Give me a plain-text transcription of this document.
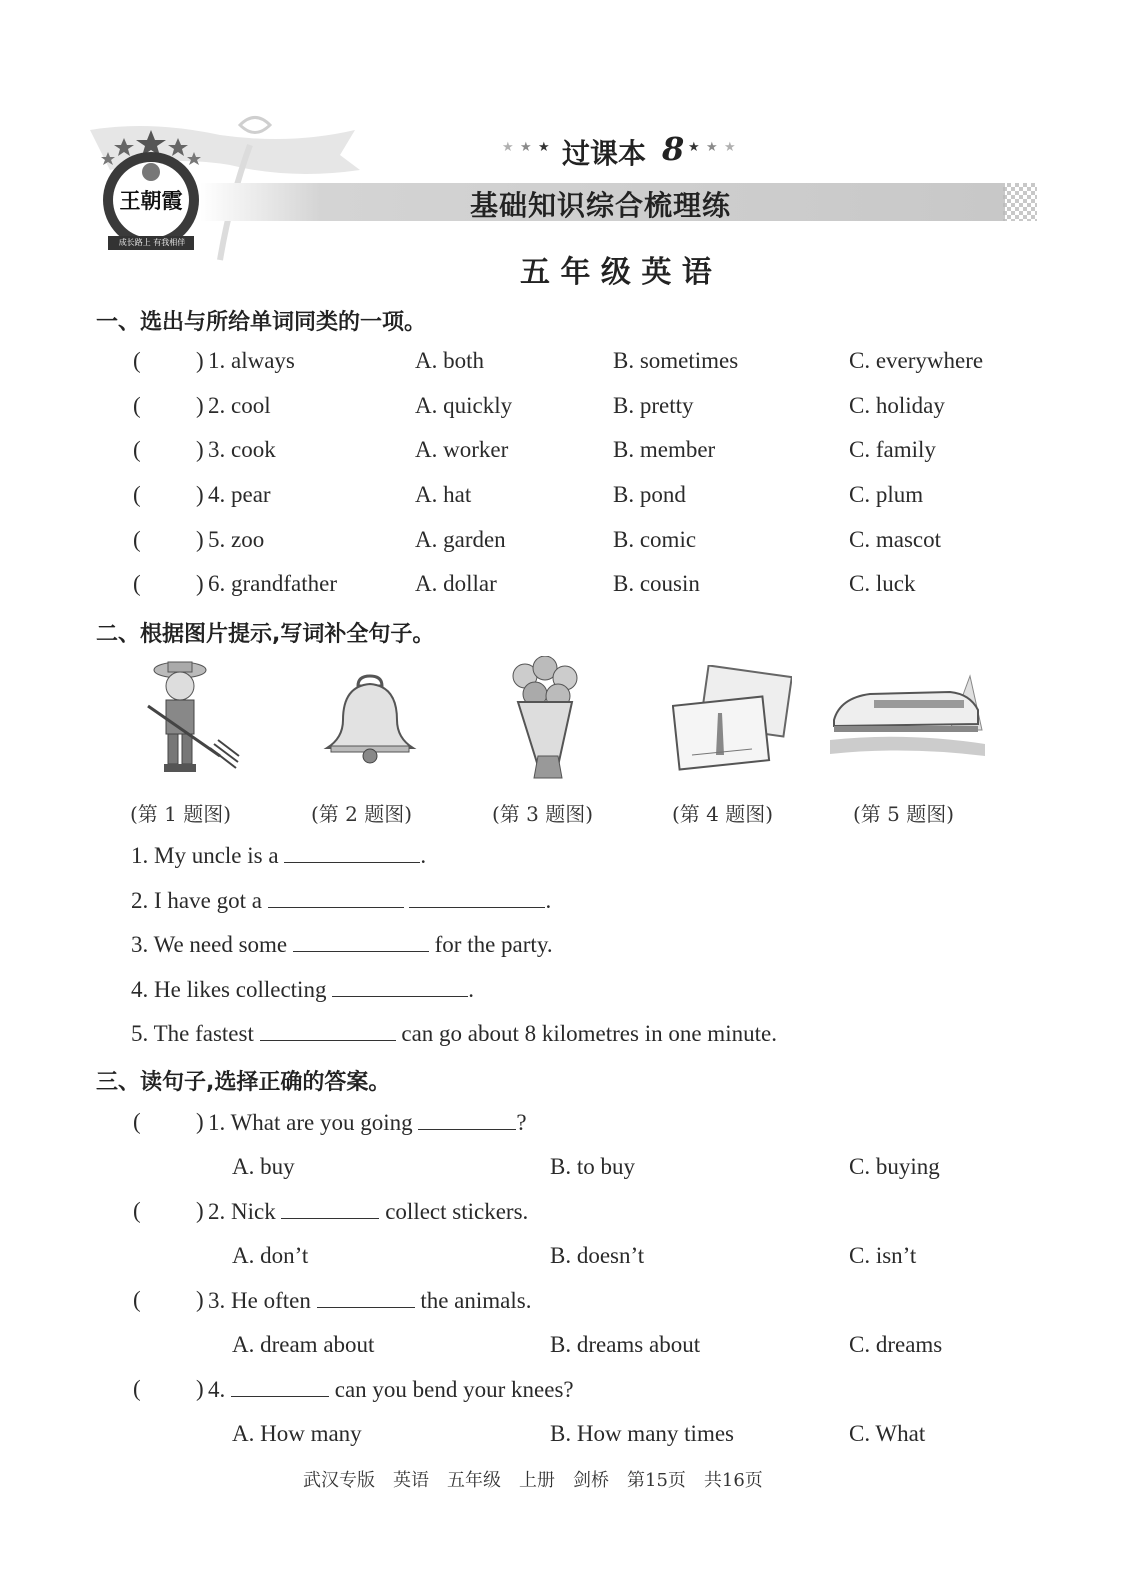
王朝霞
成长路上 有我相伴
★ ★ ★ 过课本 8 ★ ★ ★
基础知识综合梳理练
五 年 级 英 语
一、选出与所给单词同类的一项。
( ) 1. always	A. both	B. sometimes	C. everywhere
( ) 2. cool	A. quickly	B. pretty	C. holiday
( ) 3. cook	A. worker	B. member	C. family
( ) 4. pear	A. hat	B. pond	C. plum
( ) 5. zoo	A. garden	B. comic	C. mascot
( ) 6. grandfather	A. dollar	B. cousin	C. luck
二、根据图片提示,写词补全句子。
(第 1 题图)	(第 2 题图)	(第 3 题图)	(第 4 题图)	(第 5 题图)
1. My uncle is a	.
2. I have got a	.
3. We need some	for the party.
4. He likes collecting	.
5. The fastest	can go about 8 kilometres in one minute.
三、读句子,选择正确的答案。
( ) 1. What are you going	?
A. buy	B. to buy	C. buying
( ) 2. Nick	collect stickers.
A. don’t	B. doesn’t	C. isn’t
( ) 3. He often	the animals.
A. dream about	B. dreams about	C. dreams
( ) 4.	can you bend your knees?
A. How many	B. How many times	C. What
武汉专版　英语　五年级　上册　剑桥　第15页　共16页
